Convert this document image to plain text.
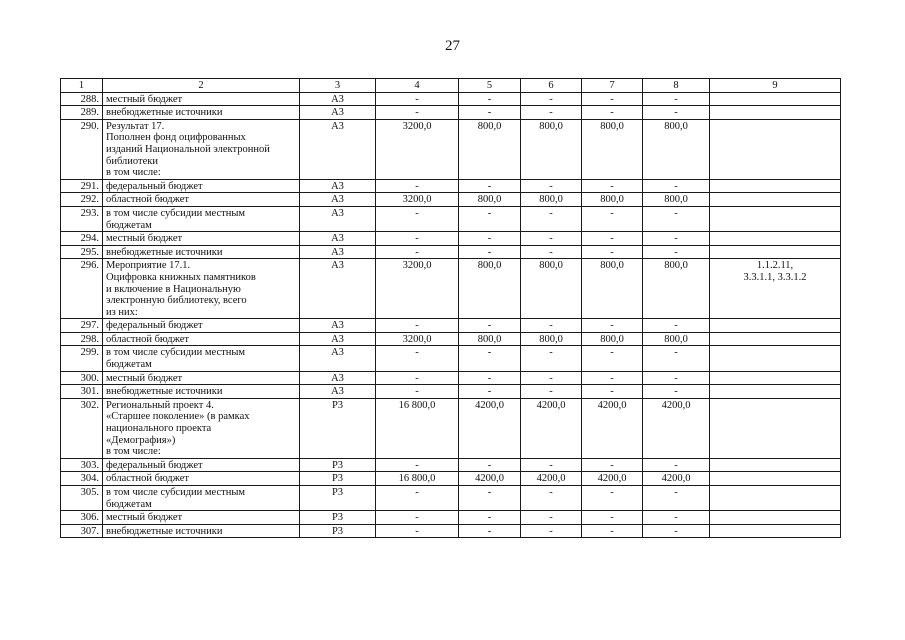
27
1	2	3	4	5	6	7	8	9
288.	местный бюджет	А3	-	-	-	-	-	
289.	внебюджетные источники	А3	-	-	-	-	-	
290.	Результат 17.
Пополнен фонд оцифрованных
изданий Национальной электронной
библиотеки
в том числе:	А3	3200,0	800,0	800,0	800,0	800,0	
291.	федеральный бюджет	А3	-	-	-	-	-	
292.	областной бюджет	А3	3200,0	800,0	800,0	800,0	800,0	
293.	в том числе субсидии местным
бюджетам	А3	-	-	-	-	-	
294.	местный бюджет	А3	-	-	-	-	-	
295.	внебюджетные источники	А3	-	-	-	-	-	
296.	Мероприятие 17.1.
Оцифровка книжных памятников
и включение в Национальную
электронную библиотеку, всего
из них:	А3	3200,0	800,0	800,0	800,0	800,0	1.1.2.11,
3.3.1.1, 3.3.1.2
297.	федеральный бюджет	А3	-	-	-	-	-	
298.	областной бюджет	А3	3200,0	800,0	800,0	800,0	800,0	
299.	в том числе субсидии местным
бюджетам	А3	-	-	-	-	-	
300.	местный бюджет	А3	-	-	-	-	-	
301.	внебюджетные источники	А3	-	-	-	-	-	
302.	Региональный проект 4.
«Старшее поколение» (в рамках
национального проекта
«Демография»)
в том числе:	Р3	16 800,0	4200,0	4200,0	4200,0	4200,0	
303.	федеральный бюджет	Р3	-	-	-	-	-	
304.	областной бюджет	Р3	16 800,0	4200,0	4200,0	4200,0	4200,0	
305.	в том числе субсидии местным
бюджетам	Р3	-	-	-	-	-	
306.	местный бюджет	Р3	-	-	-	-	-	
307.	внебюджетные источники	Р3	-	-	-	-	-	
